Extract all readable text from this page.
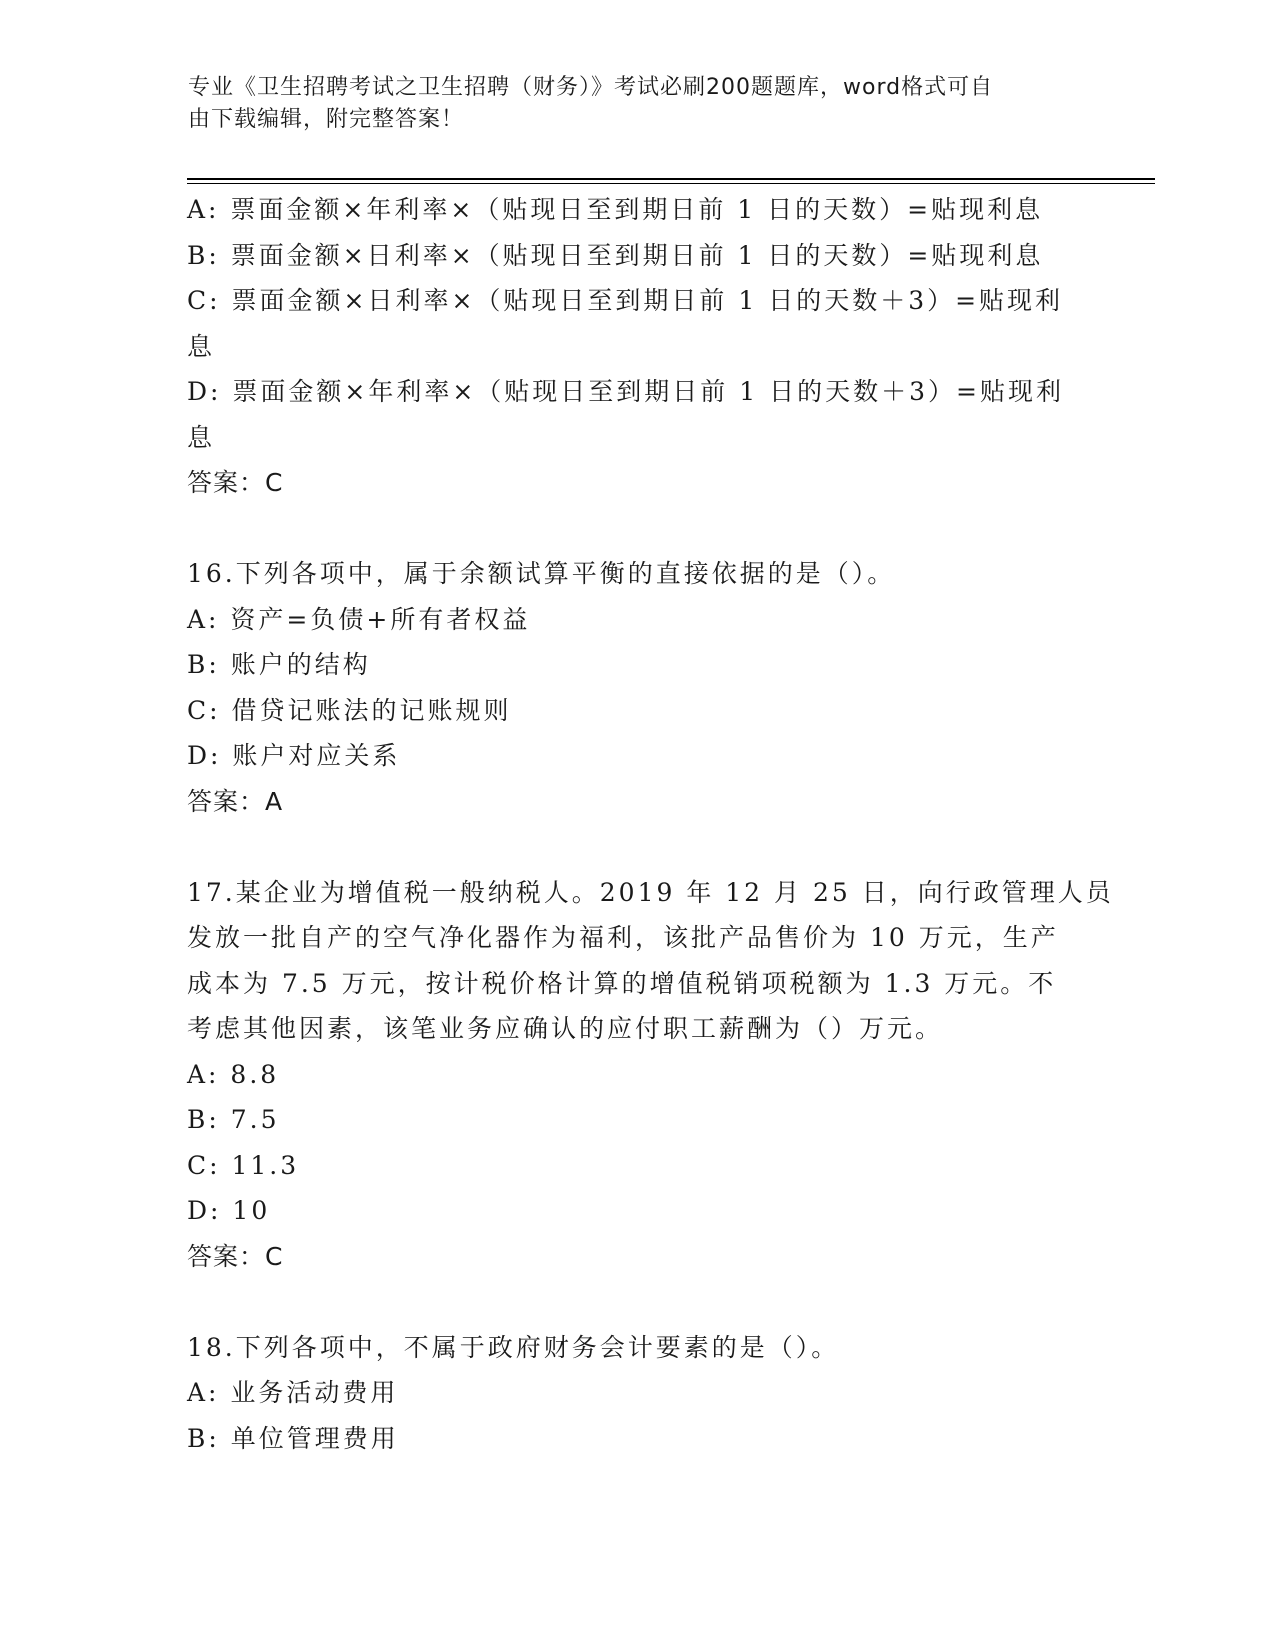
专业《卫生招聘考试之卫生招聘（财务）》考试必刷200题题库，word格式可自
由下载编辑，附完整答案！

A: 票面金额×年利率×（贴现日至到期日前 1 日的天数）=贴现利息

B: 票面金额×日利率×（贴现日至到期日前 1 日的天数）=贴现利息

C: 票面金额×日利率×（贴现日至到期日前 1 日的天数＋3）=贴现利

息

D: 票面金额×年利率×（贴现日至到期日前 1 日的天数＋3）=贴现利

息

答案：C

16.下列各项中，属于余额试算平衡的直接依据的是（）。

A: 资产=负债+所有者权益

B: 账户的结构

C: 借贷记账法的记账规则

D: 账户对应关系

答案：A

17.某企业为增值税一般纳税人。2019 年 12 月 25 日，向行政管理人员

发放一批自产的空气净化器作为福利，该批产品售价为 10 万元，生产

成本为 7.5 万元，按计税价格计算的增值税销项税额为 1.3 万元。不

考虑其他因素，该笔业务应确认的应付职工薪酬为（）万元。

A: 8.8

B: 7.5

C: 11.3

D: 10

答案：C

18.下列各项中，不属于政府财务会计要素的是（）。

A: 业务活动费用

B: 单位管理费用
